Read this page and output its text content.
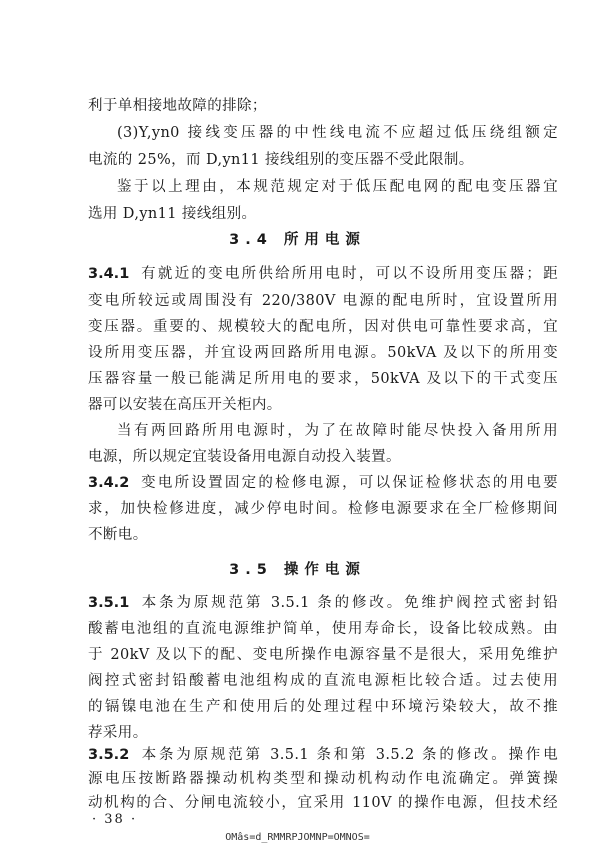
利于单相接地故障的排除；
(3)Y,yn0 接线变压器的中性线电流不应超过低压绕组额定
电流的 25%，而 D,yn11 接线组别的变压器不受此限制。
鉴于以上理由，本规范规定对于低压配电网的配电变压器宜
选用 D,yn11 接线组别。
3.4 所用电源
3.4.1 有就近的变电所供给所用电时，可以不设所用变压器；距
变电所较远或周围没有 220/380V 电源的配电所时，宜设置所用
变压器。重要的、规模较大的配电所，因对供电可靠性要求高，宜
设所用变压器，并宜设两回路所用电源。50kVA 及以下的所用变
压器容量一般已能满足所用电的要求，50kVA 及以下的干式变压
器可以安装在高压开关柜内。
当有两回路所用电源时，为了在故障时能尽快投入备用所用
电源，所以规定宜装设备用电源自动投入装置。
3.4.2 变电所设置固定的检修电源，可以保证检修状态的用电要
求，加快检修进度，减少停电时间。检修电源要求在全厂检修期间
不断电。
3.5 操作电源
3.5.1 本条为原规范第 3.5.1 条的修改。免维护阀控式密封铅
酸蓄电池组的直流电源维护简单，使用寿命长，设备比较成熟。由
于 20kV 及以下的配、变电所操作电源容量不是很大，采用免维护
阀控式密封铅酸蓄电池组构成的直流电源柜比较合适。过去使用
的镉镍电池在生产和使用后的处理过程中环境污染较大，故不推
荐采用。
3.5.2 本条为原规范第 3.5.1 条和第 3.5.2 条的修改。操作电
源电压按断路器操动机构类型和操动机构动作电流确定。弹簧操
动机构的合、分闸电流较小，宜采用 110V 的操作电源，但技术经
· 38 ·
OMâs=d_RMMRPJOMNP=OMNOS=
